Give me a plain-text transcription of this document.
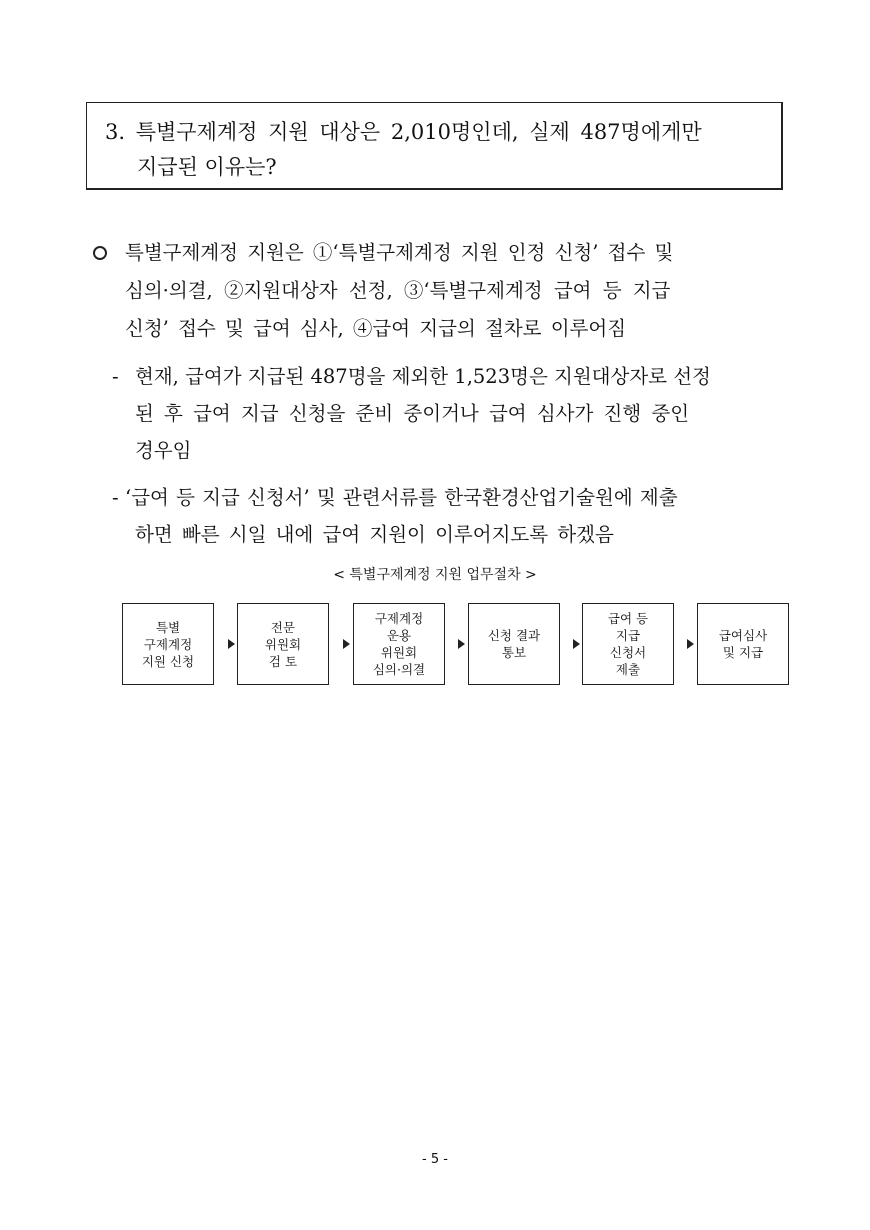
3. 특별구제계정 지원 대상은 2,010명인데, 실제 487명에게만
지급된 이유는?
특별구제계정 지원은 ①‘특별구제계정 지원 인정 신청’ 접수 및
심의·의결, ②지원대상자 선정, ③‘특별구제계정 급여 등 지급
신청’ 접수 및 급여 심사, ④급여 지급의 절차로 이루어짐
- 현재, 급여가 지급된 487명을 제외한 1,523명은 지원대상자로 선정
된 후 급여 지급 신청을 준비 중이거나 급여 심사가 진행 중인
경우임
- ‘급여 등 지급 신청서’ 및 관련서류를 한국환경산업기술원에 제출
하면 빠른 시일 내에 급여 지원이 이루어지도록 하겠음
< 특별구제계정 지원 업무절차 >
특별
구제계정
지원 신청
전문
위원회
검 토
구제계정
운용
위원회
심의·의결
신청 결과
통보
급여 등
지급
신청서
제출
급여심사
및 지급
- 5 -
